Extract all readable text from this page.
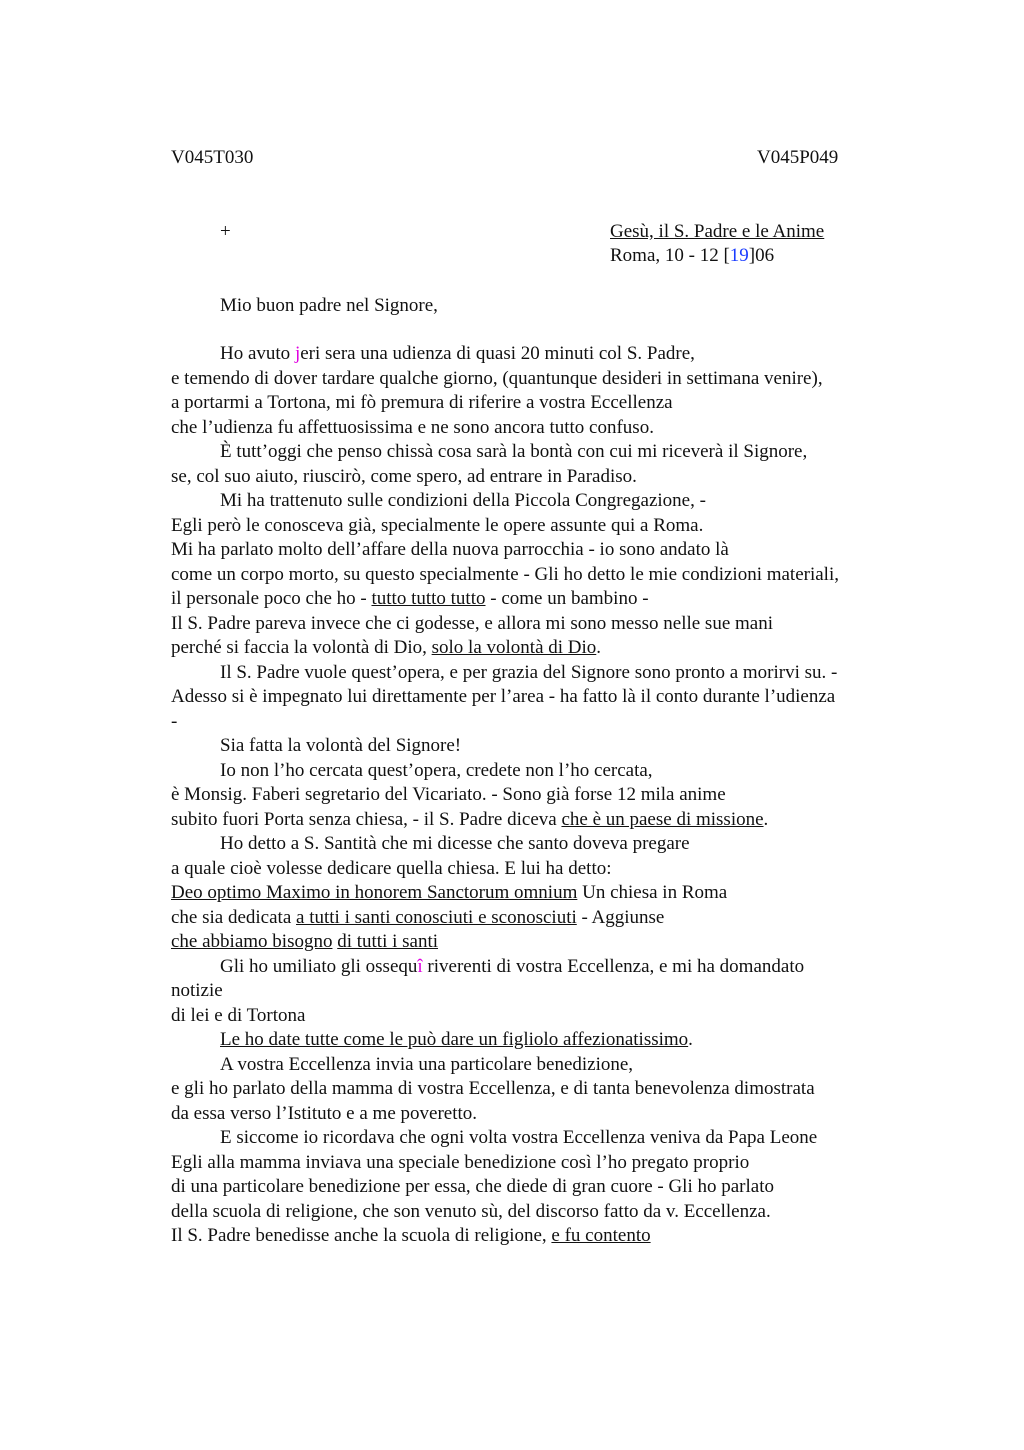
V045T030	V045P049
+	Gesù, il S. Padre e le Anime
Roma, 10 - 12 [19]06
Mio buon padre nel Signore,
Ho avuto jeri sera una udienza di quasi 20 minuti col S. Padre,
e temendo di dover tardare qualche giorno, (quantunque desideri in settimana venire),
a portarmi a Tortona, mi fò premura di riferire a vostra Eccellenza
che l’udienza fu affettuosissima e ne sono ancora tutto confuso.
È tutt’oggi che penso chissà cosa sarà la bontà con cui mi riceverà il Signore,
se, col suo aiuto, riuscirò, come spero, ad entrare in Paradiso.
Mi ha trattenuto sulle condizioni della Piccola Congregazione, -
Egli però le conosceva già, specialmente le opere assunte qui a Roma.
Mi ha parlato molto dell’affare della nuova parrocchia - io sono andato là
come un corpo morto, su questo specialmente - Gli ho detto le mie condizioni materiali,
il personale poco che ho - tutto tutto tutto - come un bambino -
Il S. Padre pareva invece che ci godesse, e allora mi sono messo nelle sue mani
perché si faccia la volontà di Dio, solo la volontà di Dio.
Il S. Padre vuole quest’opera, e per grazia del Signore sono pronto a morirvi su. -
Adesso si è impegnato lui direttamente per l’area - ha fatto là il conto durante l’udienza
-
Sia fatta la volontà del Signore!
Io non l’ho cercata quest’opera, credete non l’ho cercata,
è Monsig. Faberi segretario del Vicariato. - Sono già forse 12 mila anime
subito fuori Porta senza chiesa, - il S. Padre diceva che è un paese di missione.
Ho detto a S. Santità che mi dicesse che santo doveva pregare
a quale cioè volesse dedicare quella chiesa. E lui ha detto:
Deo optimo Maximo in honorem Sanctorum omnium Un chiesa in Roma
che sia dedicata a tutti i santi conosciuti e sconosciuti - Aggiunse
che abbiamo bisogno di tutti i santi
Gli ho umiliato gli ossequî riverenti di vostra Eccellenza, e mi ha domandato
notizie
di lei e di Tortona
Le ho date tutte come le può dare un figliolo affezionatissimo.
A vostra Eccellenza invia una particolare benedizione,
e gli ho parlato della mamma di vostra Eccellenza, e di tanta benevolenza dimostrata
da essa verso l’Istituto e a me poveretto.
E siccome io ricordava che ogni volta vostra Eccellenza veniva da Papa Leone
Egli alla mamma inviava una speciale benedizione così l’ho pregato proprio
di una particolare benedizione per essa, che diede di gran cuore - Gli ho parlato
della scuola di religione, che son venuto sù, del discorso fatto da v. Eccellenza.
Il S. Padre benedisse anche la scuola di religione, e fu contento
